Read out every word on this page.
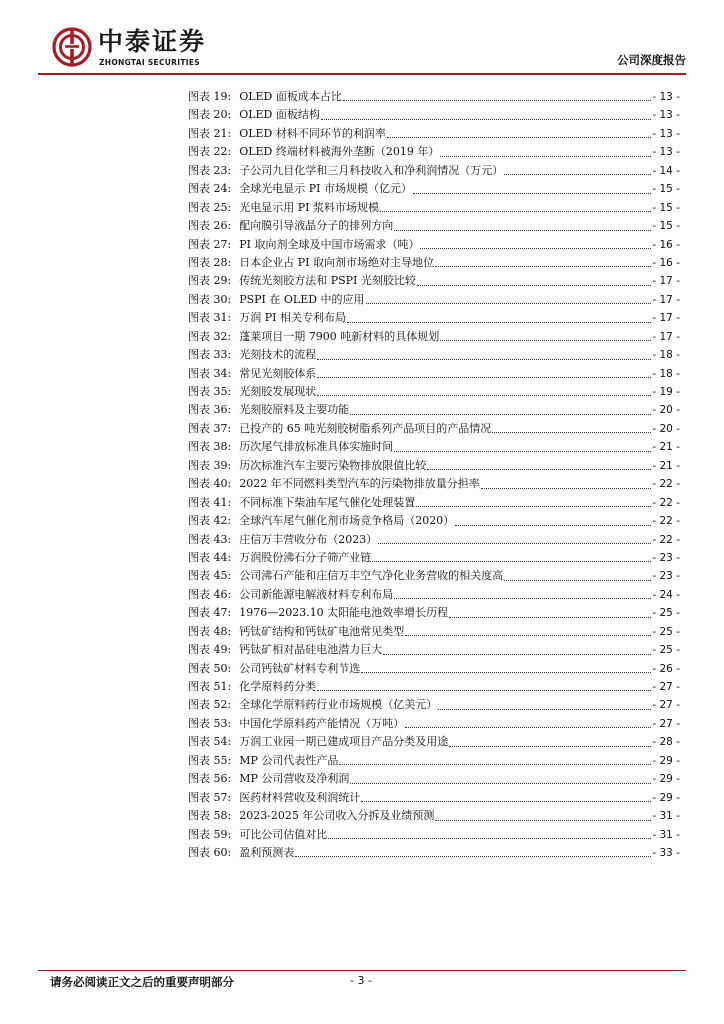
中泰证券
ZHONGTAI SECURITIES	公司深度报告
图表 19: OLED 面板成本占比	- 13 -
图表 20: OLED 面板结构	- 13 -
图表 21: OLED 材料不同环节的利润率	- 13 -
图表 22: OLED 终端材料被海外垄断（2019 年）	- 13 -
图表 23: 子公司九目化学和三月科技收入和净利润情况（万元）	- 14 -
图表 24: 全球光电显示 PI 市场规模（亿元）	- 15 -
图表 25: 光电显示用 PI 浆料市场规模	- 15 -
图表 26: 配向膜引导液晶分子的排列方向	- 15 -
图表 27: PI 取向剂全球及中国市场需求（吨）	- 16 -
图表 28: 日本企业占 PI 取向剂市场绝对主导地位	- 16 -
图表 29: 传统光刻胶方法和 PSPI 光刻胶比较	- 17 -
图表 30: PSPI 在 OLED 中的应用	- 17 -
图表 31: 万润 PI 相关专利布局	- 17 -
图表 32: 蓬莱项目一期 7900 吨新材料的具体规划	- 17 -
图表 33: 光刻技术的流程	- 18 -
图表 34: 常见光刻胶体系	- 18 -
图表 35: 光刻胶发展现状	- 19 -
图表 36: 光刻胶原料及主要功能	- 20 -
图表 37: 已投产的 65 吨光刻胶树脂系列产品项目的产品情况	- 20 -
图表 38: 历次尾气排放标准具体实施时间	- 21 -
图表 39: 历次标准汽车主要污染物排放限值比较	- 21 -
图表 40: 2022 年不同燃料类型汽车的污染物排放量分担率	- 22 -
图表 41: 不同标准下柴油车尾气催化处理装置	- 22 -
图表 42: 全球汽车尾气催化剂市场竞争格局（2020）	- 22 -
图表 43: 庄信万丰营收分布（2023）	- 22 -
图表 44: 万润股份沸石分子筛产业链	- 23 -
图表 45: 公司沸石产能和庄信万丰空气净化业务营收的相关度高	- 23 -
图表 46: 公司新能源电解液材料专利布局	- 24 -
图表 47: 1976—2023.10 太阳能电池效率增长历程	- 25 -
图表 48: 钙钛矿结构和钙钛矿电池常见类型	- 25 -
图表 49: 钙钛矿相对晶硅电池潜力巨大	- 25 -
图表 50: 公司钙钛矿材料专利节选	- 26 -
图表 51: 化学原料药分类	- 27 -
图表 52: 全球化学原料药行业市场规模（亿美元）	- 27 -
图表 53: 中国化学原料药产能情况（万吨）	- 27 -
图表 54: 万润工业园一期已建成项目产品分类及用途	- 28 -
图表 55: MP 公司代表性产品	- 29 -
图表 56: MP 公司营收及净利润	- 29 -
图表 57: 医药材料营收及利润统计	- 29 -
图表 58: 2023-2025 年公司收入分拆及业绩预测	- 31 -
图表 59: 可比公司估值对比	- 31 -
图表 60: 盈利预测表	- 33 -
请务必阅读正文之后的重要声明部分	- 3 -
